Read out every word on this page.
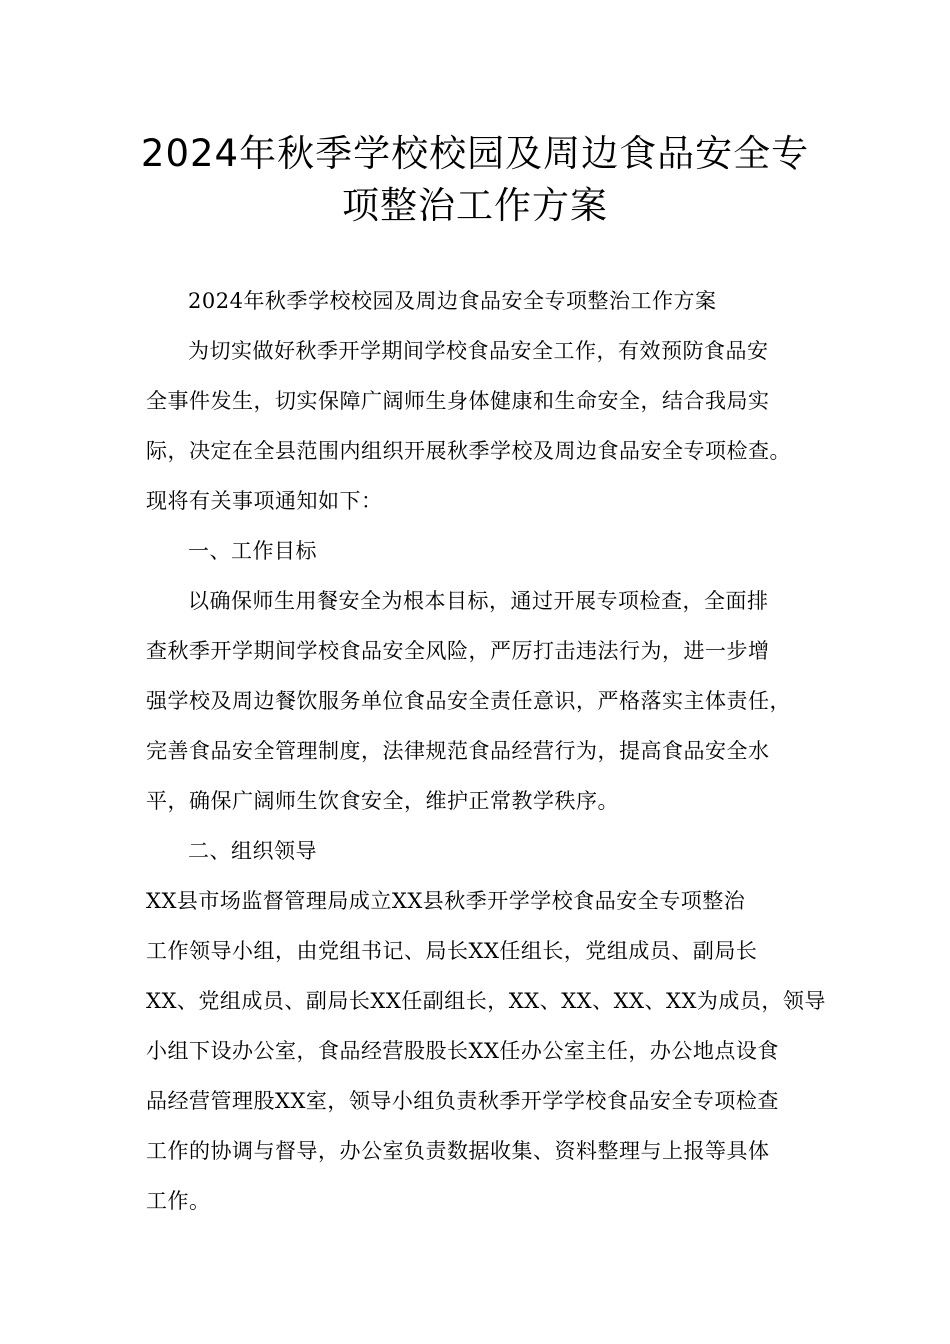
2024年秋季学校校园及周边食品安全专
项整治工作方案
2024年秋季学校校园及周边食品安全专项整治工作方案
为切实做好秋季开学期间学校食品安全工作，有效预防食品安
全事件发生，切实保障广阔师生身体健康和生命安全，结合我局实
际，决定在全县范围内组织开展秋季学校及周边食品安全专项检查。
现将有关事项通知如下：
一、工作目标
以确保师生用餐安全为根本目标，通过开展专项检查，全面排
查秋季开学期间学校食品安全风险，严厉打击违法行为，进一步增
强学校及周边餐饮服务单位食品安全责任意识，严格落实主体责任，
完善食品安全管理制度，法律规范食品经营行为，提高食品安全水
平，确保广阔师生饮食安全，维护正常教学秩序。
二、组织领导
XX县市场监督管理局成立XX县秋季开学学校食品安全专项整治
工作领导小组，由党组书记、局长XX任组长，党组成员、副局长
XX、党组成员、副局长XX任副组长，XX、XX、XX、XX为成员，领导
小组下设办公室，食品经营股股长XX任办公室主任，办公地点设食
品经营管理股XX室，领导小组负责秋季开学学校食品安全专项检查
工作的协调与督导，办公室负责数据收集、资料整理与上报等具体
工作。
